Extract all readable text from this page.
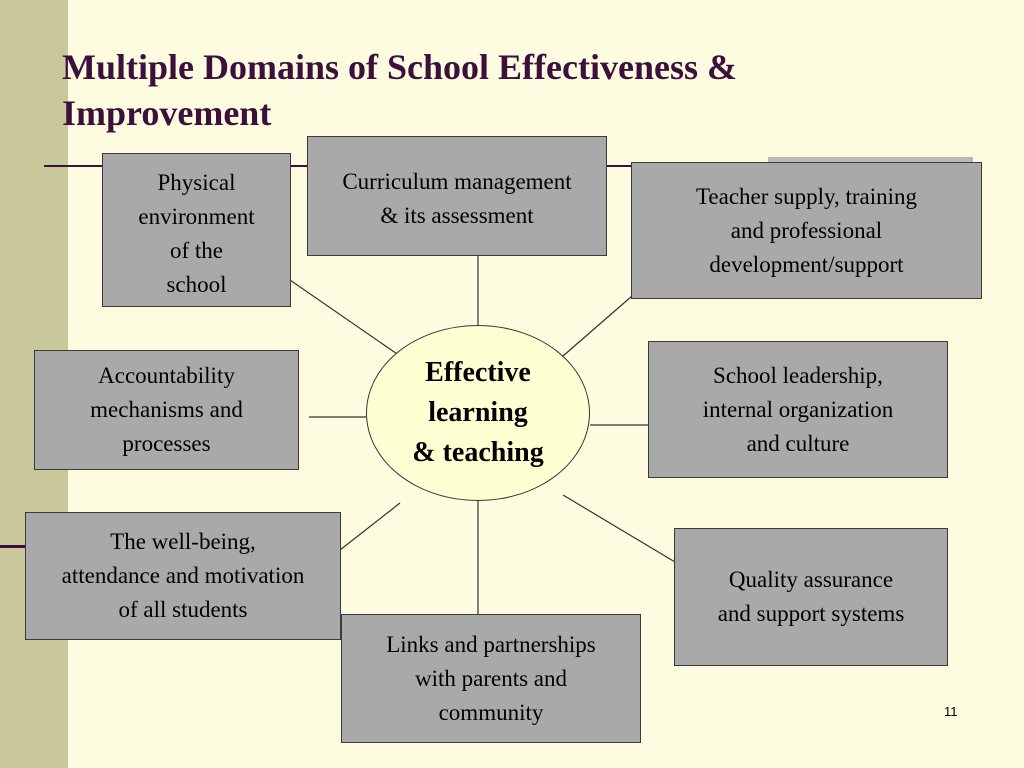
Multiple Domains of School Effectiveness &
Improvement
Physical
environment
of the
school
Curriculum management
& its assessment
Teacher supply, training
and professional
development/support
Accountability
mechanisms and
processes
School leadership,
internal organization
and culture
The well-being,
attendance and motivation
of all students
Quality assurance
and support systems
Links and partnerships
with parents and
community
Effective
learning
& teaching
11
